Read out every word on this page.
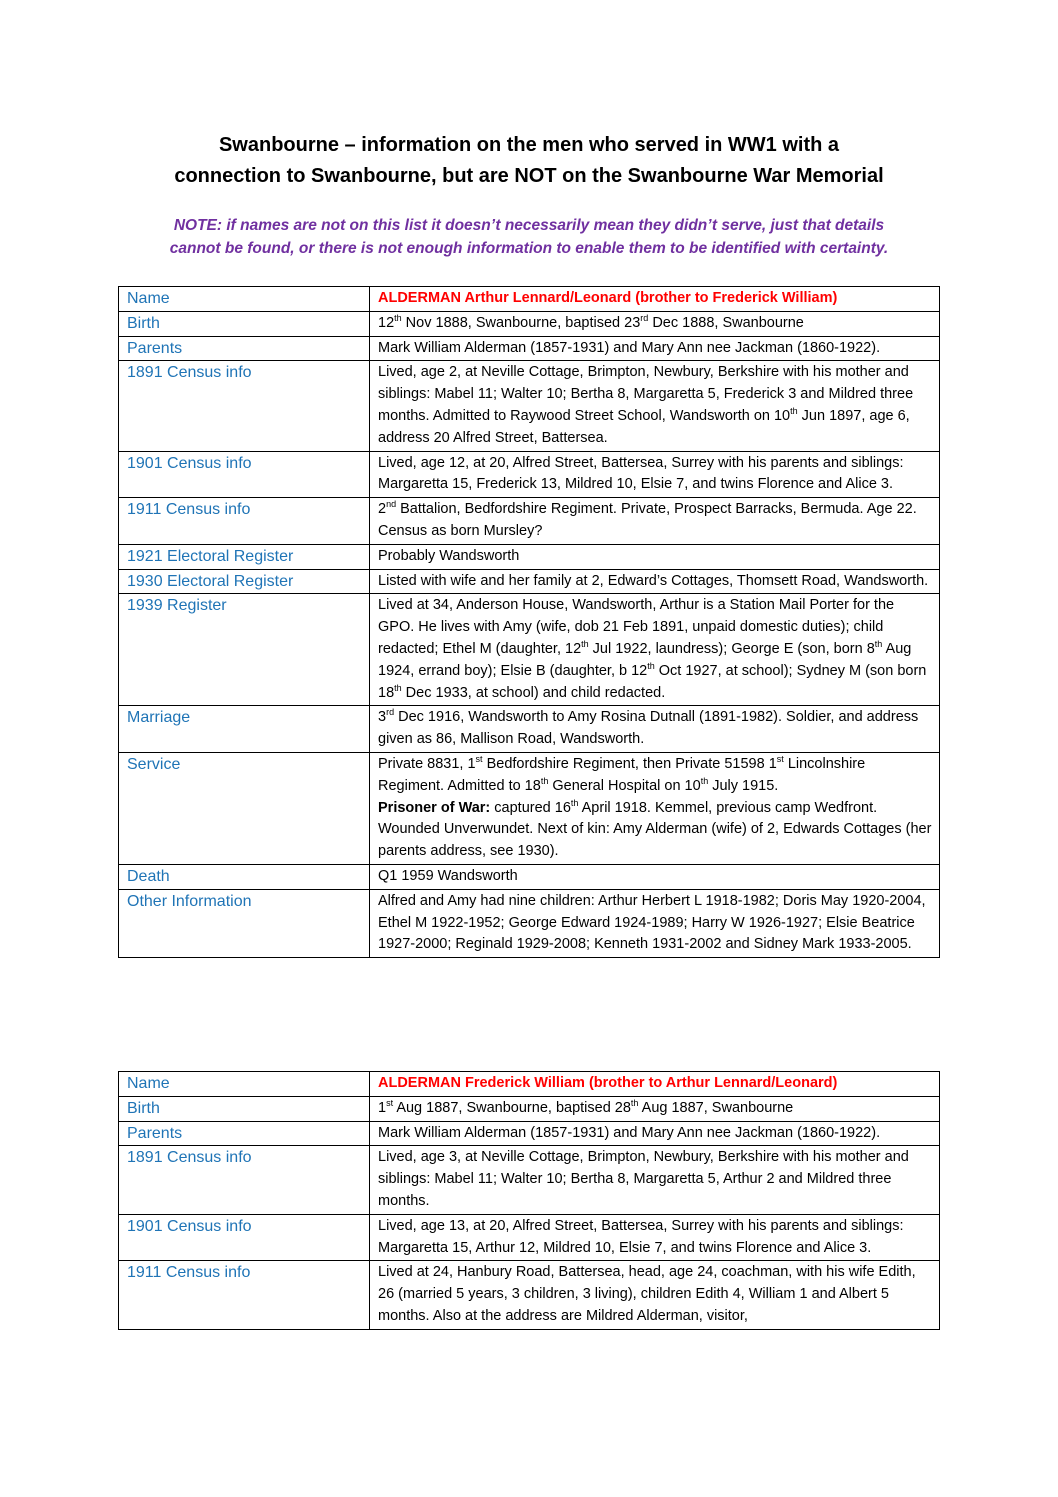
Swanbourne – information on the men who served in WW1 with a
connection to Swanbourne, but are NOT on the Swanbourne War Memorial

NOTE: if names are not on this list it doesn’t necessarily mean they didn’t serve, just that details
cannot be found, or there is not enough information to enable them to be identified with certainty.

Name	ALDERMAN Arthur Lennard/Leonard (brother to Frederick William)
Birth	12th Nov 1888, Swanbourne, baptised 23rd Dec 1888, Swanbourne
Parents	Mark William Alderman (1857-1931) and Mary Ann nee Jackman (1860-1922).
1891 Census info	Lived, age 2, at Neville Cottage, Brimpton, Newbury, Berkshire with his mother and siblings: Mabel 11; Walter 10; Bertha 8, Margaretta 5, Frederick 3 and Mildred three months. Admitted to Raywood Street School, Wandsworth on 10th Jun 1897, age 6, address 20 Alfred Street, Battersea.
1901 Census info	Lived, age 12, at 20, Alfred Street, Battersea, Surrey with his parents and siblings: Margaretta 15, Frederick 13, Mildred 10, Elsie 7, and twins Florence and Alice 3.
1911 Census info	2nd Battalion, Bedfordshire Regiment. Private, Prospect Barracks, Bermuda. Age 22. Census as born Mursley?
1921 Electoral Register	Probably Wandsworth
1930 Electoral Register	Listed with wife and her family at 2, Edward’s Cottages, Thomsett Road, Wandsworth.
1939 Register	Lived at 34, Anderson House, Wandsworth, Arthur is a Station Mail Porter for the GPO. He lives with Amy (wife, dob 21 Feb 1891, unpaid domestic duties); child redacted; Ethel M (daughter, 12th Jul 1922, laundress); George E (son, born 8th Aug 1924, errand boy); Elsie B (daughter, b 12th Oct 1927, at school); Sydney M (son born 18th Dec 1933, at school) and child redacted.
Marriage	3rd Dec 1916, Wandsworth to Amy Rosina Dutnall (1891-1982). Soldier, and address given as 86, Mallison Road, Wandsworth.
Service	Private 8831, 1st Bedfordshire Regiment, then Private 51598 1st Lincolnshire Regiment. Admitted to 18th General Hospital on 10th July 1915.
Prisoner of War: captured 16th April 1918. Kemmel, previous camp Wedfront. Wounded Unverwundet. Next of kin: Amy Alderman (wife) of 2, Edwards Cottages (her parents address, see 1930).
Death	Q1 1959 Wandsworth
Other Information	Alfred and Amy had nine children: Arthur Herbert L 1918-1982; Doris May 1920-2004, Ethel M 1922-1952; George Edward 1924-1989; Harry W 1926-1927; Elsie Beatrice 1927-2000; Reginald 1929-2008; Kenneth 1931-2002 and Sidney Mark 1933-2005.
Name	ALDERMAN Frederick William (brother to Arthur Lennard/Leonard)
Birth	1st Aug 1887, Swanbourne, baptised 28th Aug 1887, Swanbourne
Parents	Mark William Alderman (1857-1931) and Mary Ann nee Jackman (1860-1922).
1891 Census info	Lived, age 3, at Neville Cottage, Brimpton, Newbury, Berkshire with his mother and siblings: Mabel 11; Walter 10; Bertha 8, Margaretta 5, Arthur 2 and Mildred three months.
1901 Census info	Lived, age 13, at 20, Alfred Street, Battersea, Surrey with his parents and siblings: Margaretta 15, Arthur 12, Mildred 10, Elsie 7, and twins Florence and Alice 3.
1911 Census info	Lived at 24, Hanbury Road, Battersea, head, age 24, coachman, with his wife Edith, 26 (married 5 years, 3 children, 3 living), children Edith 4, William 1 and Albert 5 months. Also at the address are Mildred Alderman, visitor,
